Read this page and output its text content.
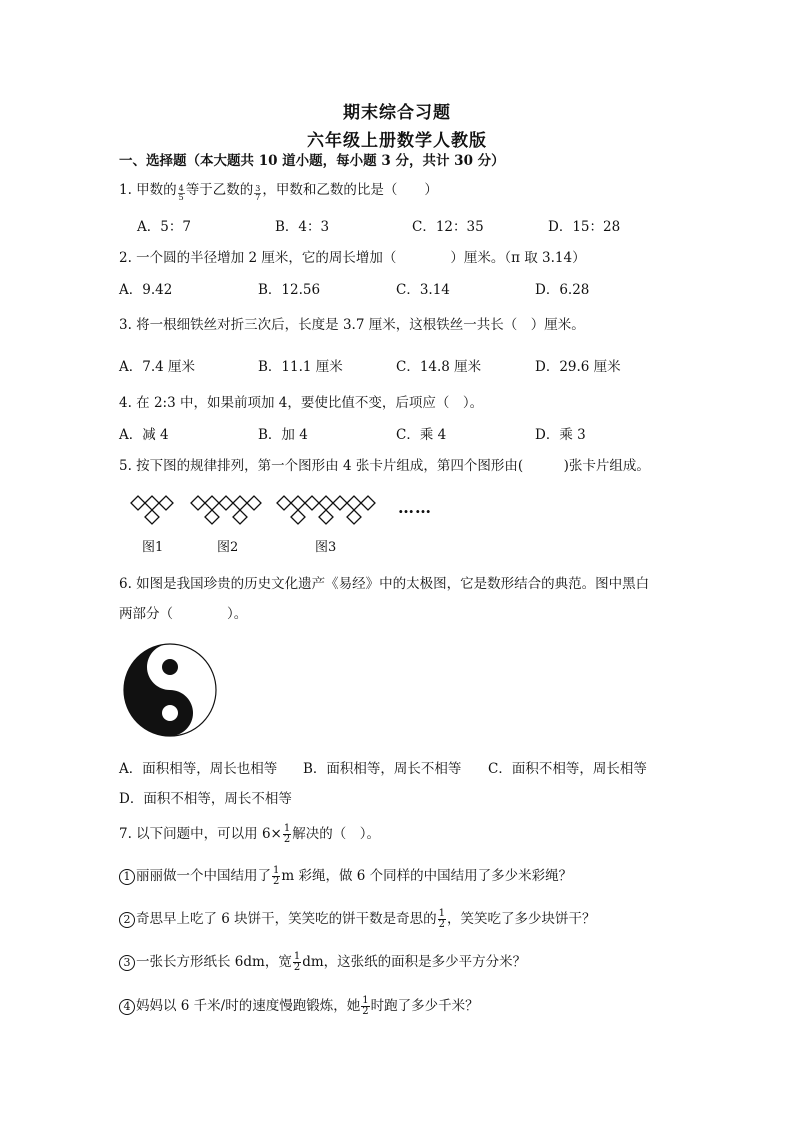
期末综合习题
六年级上册数学人教版
一、选择题（本大题共 10 道小题，每小题 3 分，共计 30 分）
1. 甲数的 $\frac{4}{5}$ 等于乙数的 $\frac{3}{7}$ ，甲数和乙数的比是（　　）
A．5：7	B．4：3	C．12：35	D．15：28
2. 一个圆的半径增加 2 厘米，它的周长增加（　　　　）厘米。（π 取 3.14）
A．9.42	B．12.56	C．3.14	D．6.28
3. 将一根细铁丝对折三次后，长度是 3.7 厘米，这根铁丝一共长（　）厘米。
A．7.4 厘米	B．11.1 厘米	C．14.8 厘米	D．29.6 厘米
4. 在 2:3 中，如果前项加 4，要使比值不变，后项应（　）。
A．减 4	B．加 4	C．乘 4	D．乘 3
5. 按下图的规律排列，第一个图形由 4 张卡片组成，第四个图形由(　　　)张卡片组成。
……
图1	图2	图3
6. 如图是我国珍贵的历史文化遗产《易经》中的太极图，它是数形结合的典范。图中黑白
两部分（　　　　）。
A．面积相等，周长也相等 B．面积相等，周长不相等 C．面积不相等，周长相等
D．面积不相等，周长不相等
7. 以下问题中，可以用 $6\times \frac{1}{2}$ 解决的（　）。
1 丽丽做一个中国结用了 $\frac{1}{2}$ m 彩绳，做 6 个同样的中国结用了多少米彩绳？
2 奇思早上吃了 6 块饼干，笑笑吃的饼干数是奇思的 $\frac{1}{2}$ ，笑笑吃了多少块饼干？
3 一张长方形纸长 6dm，宽 $\frac{1}{2}$ dm，这张纸的面积是多少平方分米？
4 妈妈以 6 千米/时的速度慢跑锻炼，她 $\frac{1}{2}$ 时跑了多少千米？
